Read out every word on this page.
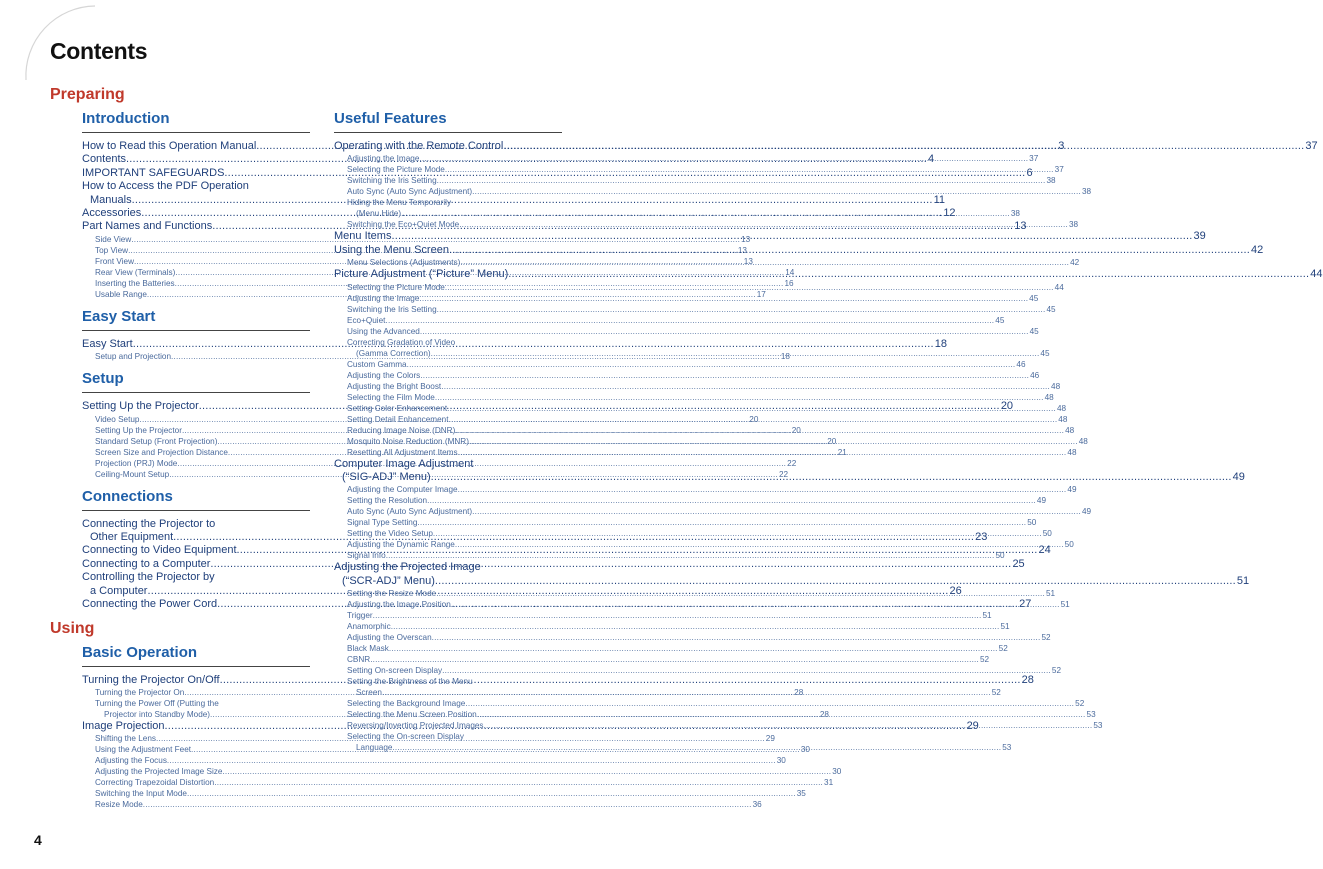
Contents
Preparing
Using
Introduction
How to Read this Operation Manual .....	3
Contents .....	4
IMPORTANT SAFEGUARDS .....	6
How to Access the PDF Operation
Manuals .....	11
Accessories .....	12
Part Names and Functions .....	13
Side View .....	13
Top View .....	13
Front View .....	13
Rear View (Terminals) .....	14
Inserting the Batteries .....	16
Usable Range .....	17
Easy Start
Easy Start .....	18
Setup and Projection .....	18
Setup
Setting Up the Projector .....	20
Video Setup .....	20
Setting Up the Projector .....	20
Standard Setup (Front Projection) .....	20
Screen Size and Projection Distance .....	21
Projection (PRJ) Mode .....	22
Ceiling-Mount Setup .....	22
Connections
Connecting the Projector to
Other Equipment .....	23
Connecting to Video Equipment .....	24
Connecting to a Computer .....	25
Controlling the Projector by
a Computer .....	26
Connecting the Power Cord .....	27
Basic Operation
Turning the Projector On/Off .....	28
Turning the Projector On .....	28
Turning the Power Off (Putting the
Projector into Standby Mode) .....	28
Image Projection .....	29
Shifting the Lens .....	29
Using the Adjustment Feet .....	30
Adjusting the Focus .....	30
Adjusting the Projected Image Size .....	30
Correcting Trapezoidal Distortion .....	31
Switching the Input Mode .....	35
Resize Mode .....	36
Useful Features
Operating with the Remote Control .....	37
Adjusting the Image .....	37
Selecting the Picture Mode .....	37
Switching the Iris Setting .....	38
Auto Sync (Auto Sync Adjustment) .....	38
Hiding the Menu Temporarily
(Menu Hide) .....	38
Switching the Eco+Quiet Mode .....	38
Menu Items .....	39
Using the Menu Screen .....	42
Menu Selections (Adjustments) .....	42
Picture Adjustment (“Picture” Menu) .....	44
Selecting the Picture Mode .....	44
Adjusting the Image .....	45
Switching the Iris Setting .....	45
Eco+Quiet .....	45
Using the Advanced .....	45
Correcting Gradation of Video
(Gamma Correction) .....	45
Custom Gamma .....	46
Adjusting the Colors .....	46
Adjusting the Bright Boost .....	48
Selecting the Film Mode .....	48
Setting Color Enhancement .....	48
Setting Detail Enhancement .....	48
Reducing Image Noise (DNR) .....	48
Mosquito Noise Reduction (MNR) .....	48
Resetting All Adjustment Items .....	48
Computer Image Adjustment
(“SIG-ADJ” Menu) .....	49
Adjusting the Computer Image .....	49
Setting the Resolution .....	49
Auto Sync (Auto Sync Adjustment) .....	49
Signal Type Setting .....	50
Setting the Video Setup .....	50
Adjusting the Dynamic Range .....	50
Signal Info .....	50
Adjusting the Projected Image
(“SCR-ADJ” Menu) .....	51
Setting the Resize Mode .....	51
Adjusting the Image Position .....	51
Trigger .....	51
Anamorphic .....	51
Adjusting the Overscan .....	52
Black Mask .....	52
CBNR .....	52
Setting On-screen Display .....	52
Setting the Brightness of the Menu
Screen .....	52
Selecting the Background Image .....	52
Selecting the Menu Screen Position .....	53
Reversing/Inverting Projected Images .....	53
Selecting the On-screen Display
Language .....	53
4
